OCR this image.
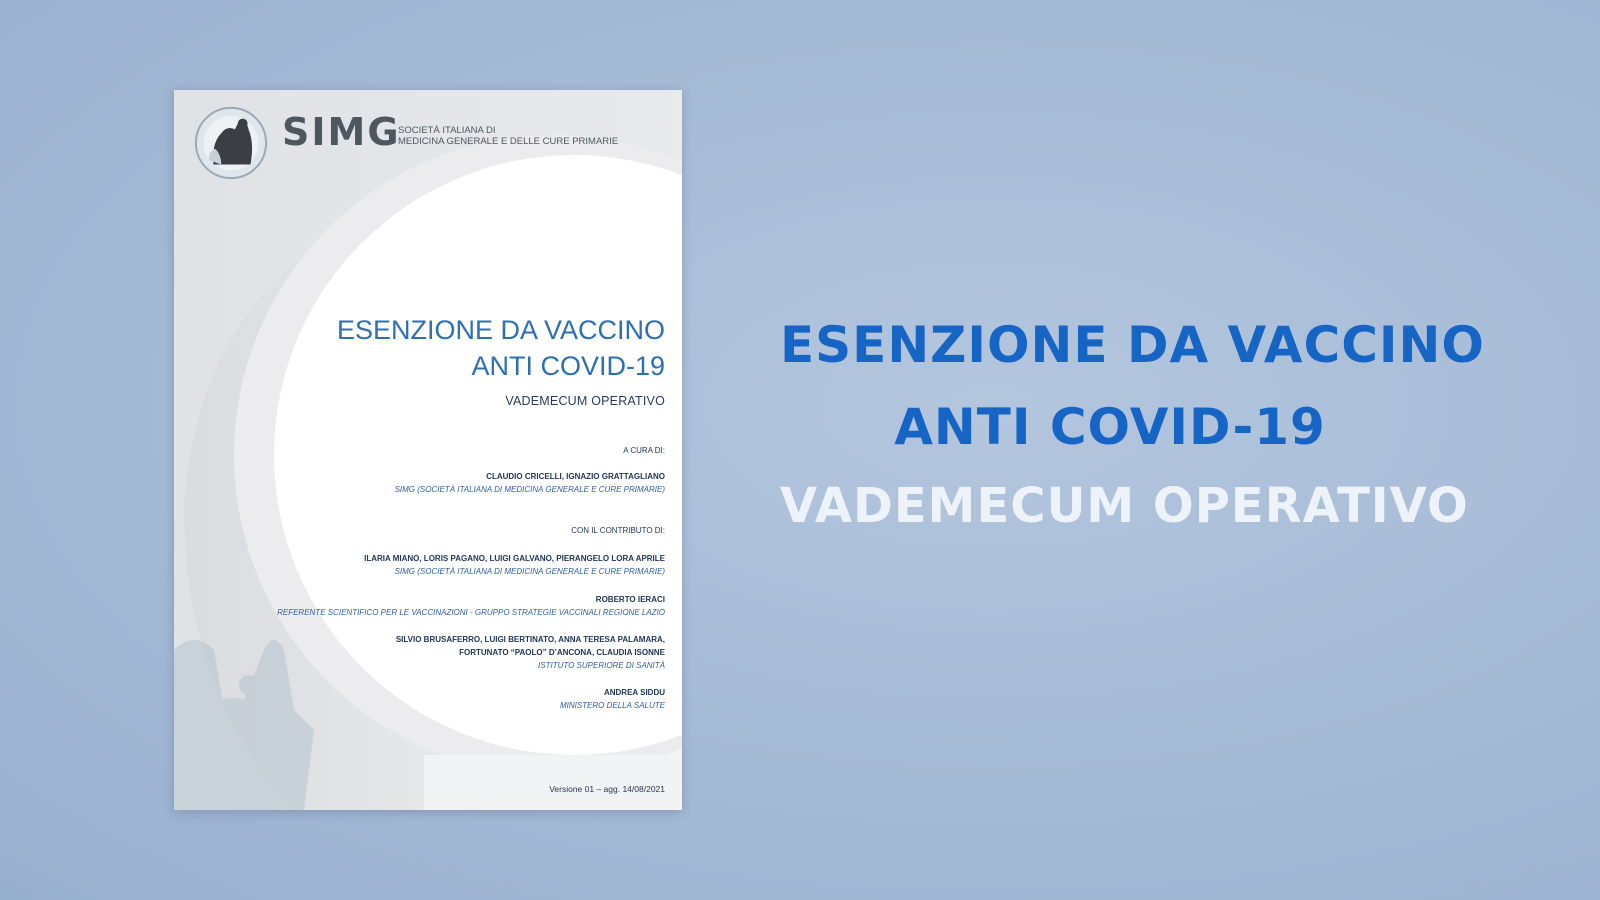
SIMG
SOCIETÀ ITALIANA DI
MEDICINA GENERALE E DELLE CURE PRIMARIE
ESENZIONE DA VACCINO
ANTI COVID-19
VADEMECUM OPERATIVO
A CURA DI:
CLAUDIO CRICELLI, IGNAZIO GRATTAGLIANO
SIMG (SOCIETÀ ITALIANA DI MEDICINA GENERALE E CURE PRIMARIE)
CON IL CONTRIBUTO DI:
ILARIA MIANO, LORIS PAGANO, LUIGI GALVANO, PIERANGELO LORA APRILE
SIMG (SOCIETÀ ITALIANA DI MEDICINA GENERALE E CURE PRIMARIE)
ROBERTO IERACI
REFERENTE SCIENTIFICO PER LE VACCINAZIONI - GRUPPO STRATEGIE VACCINALI REGIONE LAZIO
SILVIO BRUSAFERRO, LUIGI BERTINATO, ANNA TERESA PALAMARA,
FORTUNATO “PAOLO” D’ANCONA, CLAUDIA ISONNE
ISTITUTO SUPERIORE DI SANITÀ
ANDREA SIDDU
MINISTERO DELLA SALUTE
Versione 01 – agg. 14/08/2021
ESENZIONE DA VACCINO
ANTI COVID-19
VADEMECUM OPERATIVO
